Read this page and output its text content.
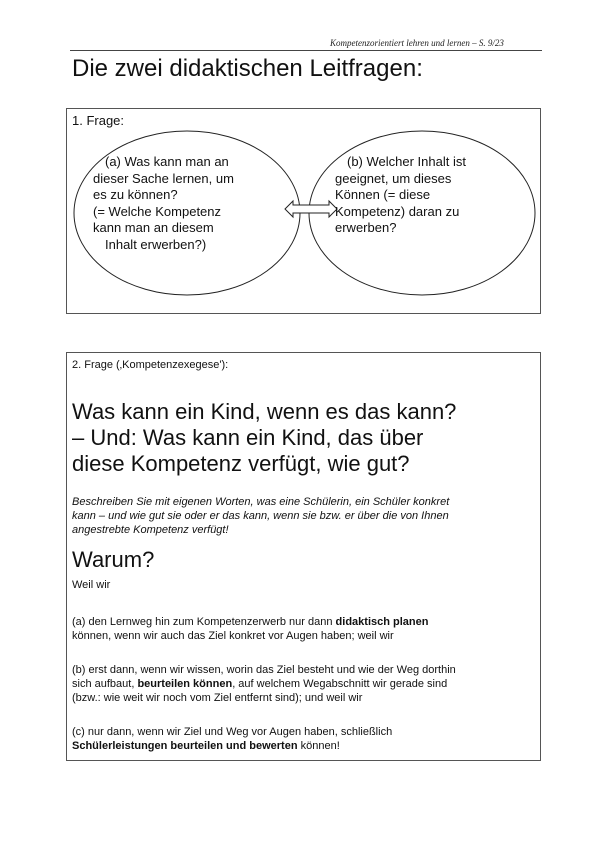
Kompetenzorientiert lehren und lernen – S. 9/23
Die zwei didaktischen Leitfragen:
1. Frage:
(a) Was kann man an
dieser Sache lernen, um
es zu können?
(= Welche Kompetenz
kann man an diesem
Inhalt erwerben?)
(b) Welcher Inhalt ist
geeignet, um dieses
Können (= diese
Kompetenz) daran zu
erwerben?

2. Frage (‚Kompetenzexegese'):

Was kann ein Kind, wenn es das kann?
– Und: Was kann ein Kind, das über
diese Kompetenz verfügt, wie gut?

Beschreiben Sie mit eigenen Worten, was eine Schülerin, ein Schüler konkret
kann – und wie gut sie oder er das kann, wenn sie bzw. er über die von Ihnen
angestrebte Kompetenz verfügt!

Warum?

Weil wir

(a) den Lernweg hin zum Kompetenzerwerb nur dann didaktisch planen
können, wenn wir auch das Ziel konkret vor Augen haben; weil wir

(b) erst dann, wenn wir wissen, worin das Ziel besteht und wie der Weg dorthin
sich aufbaut, beurteilen können, auf welchem Wegabschnitt wir gerade sind
(bzw.: wie weit wir noch vom Ziel entfernt sind); und weil wir

(c) nur dann, wenn wir Ziel und Weg vor Augen haben, schließlich
Schülerleistungen beurteilen und bewerten können!
